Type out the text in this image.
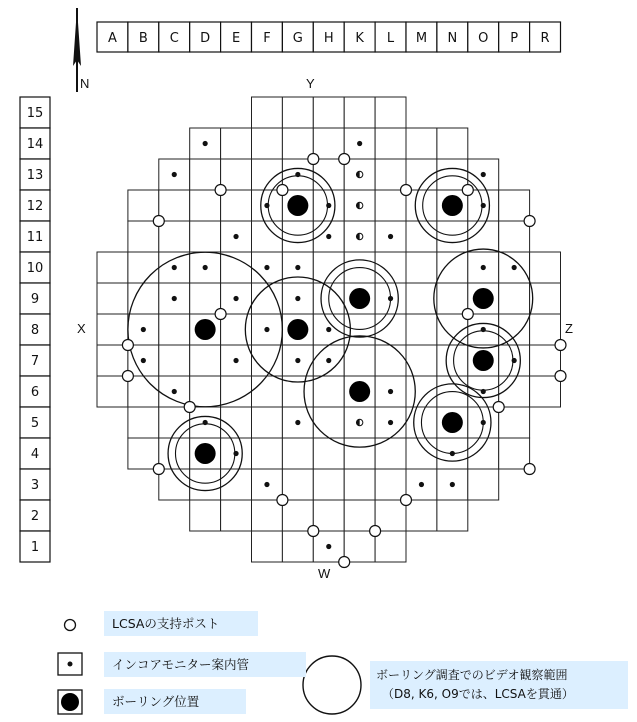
N
A B C D E F G H K L M N O P R
15
14
13
12
11
10
9
8
7
6
5
4
3
2
1
Y
W
X	Z
LCSAの支持ポスト
インコアモニター案内管
ボーリング位置
ボーリング調査でのビデオ観察範囲
（D8, K6, O9では、LCSAを貫通）
